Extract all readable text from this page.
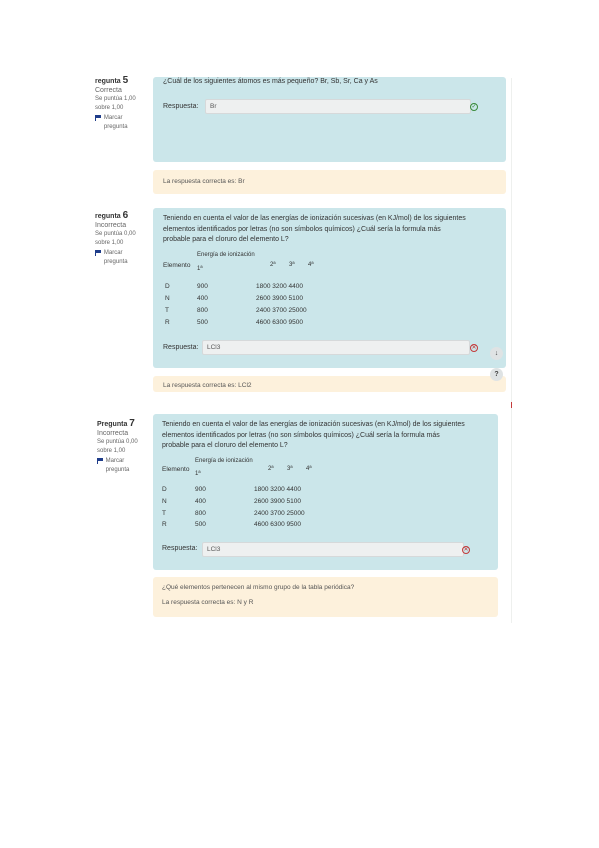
regunta 5
Correcta
Se puntúa 1,00 sobre 1,00
Marcar pregunta
¿Cuál de los siguientes átomos es más pequeño? Br, Sb, Sr, Ca y As
Respuesta:	Br	✓
La respuesta correcta es: Br
regunta 6
Incorrecta
Se puntúa 0,00 sobre 1,00
Marcar pregunta
Teniendo en cuenta el valor de las energías de ionización sucesivas (en KJ/mol) de los siguientes
elementos identificados por letras (no son símbolos químicos) ¿Cuál sería la formula más
probable para el cloruro del elemento L?
Energía de ionización
Elemento 1ª
2ª 3ª 4ª
D	900	1800 3200 4400
N	400	2600 3900 5100
T	800	2400 3700 25000
R	500	4600 6300 9500
Respuesta:	LCl3	✕
La respuesta correcta es: LCl2
↓
?
Pregunta 7
Incorrecta
Se puntúa 0,00 sobre 1,00
Marcar pregunta
Teniendo en cuenta el valor de las energías de ionización sucesivas (en KJ/mol) de los siguientes
elementos identificados por letras (no son símbolos químicos) ¿Cuál sería la formula más
probable para el cloruro del elemento L?
Energía de ionización
Elemento
1ª
2ª 3ª 4ª
D	900	1800 3200 4400
N	400	2600 3900 5100
T	800	2400 3700 25000
R	500	4600 6300 9500
Respuesta:	LCl3	✕
¿Qué elementos pertenecen al mismo grupo de la tabla periódica?
La respuesta correcta es: N y R
